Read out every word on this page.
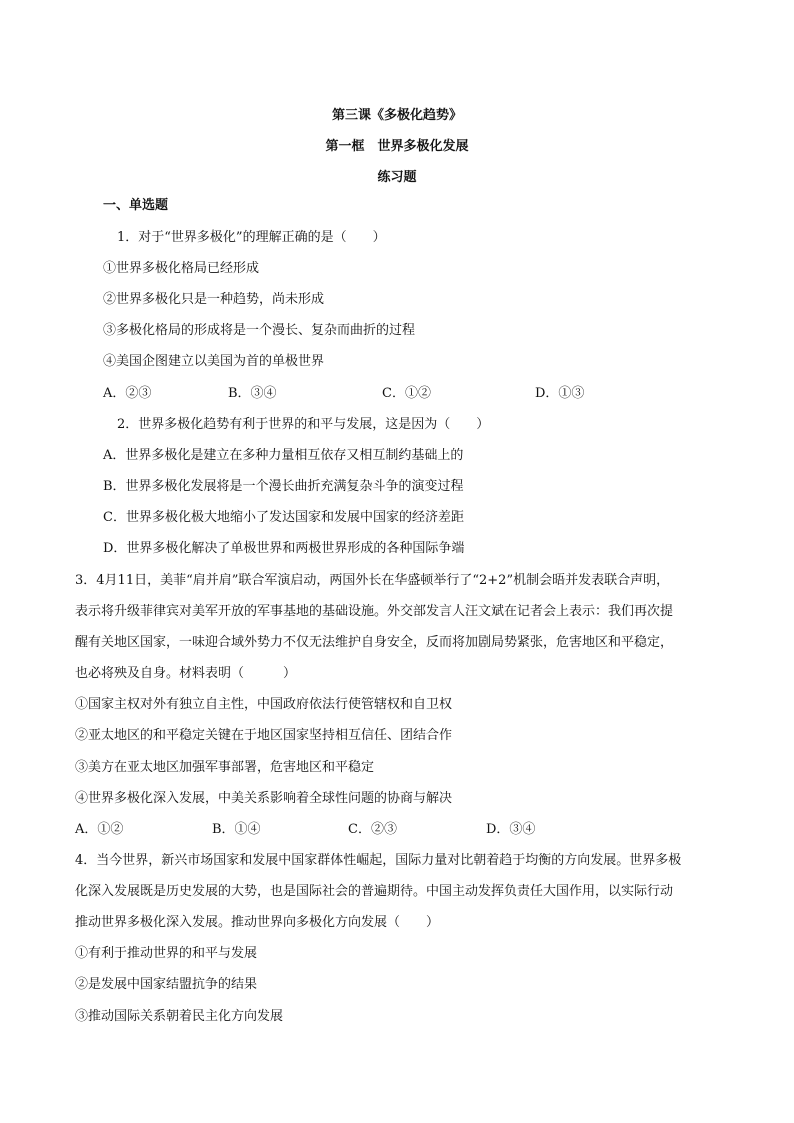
第三课《多极化趋势》
第一框　世界多极化发展
练习题
一、单选题
1．对于“世界多极化”的理解正确的是（　　）
①世界多极化格局已经形成
②世界多极化只是一种趋势，尚未形成
③多极化格局的形成将是一个漫长、复杂而曲折的过程
④美国企图建立以美国为首的单极世界
A．②③	B．③④	C．①②	D．①③
2．世界多极化趋势有利于世界的和平与发展，这是因为（　　）
A．世界多极化是建立在多种力量相互依存又相互制约基础上的
B．世界多极化发展将是一个漫长曲折充满复杂斗争的演变过程
C．世界多极化极大地缩小了发达国家和发展中国家的经济差距
D．世界多极化解决了单极世界和两极世界形成的各种国际争端
3．4月11日，美菲“肩并肩”联合军演启动，两国外长在华盛顿举行了“2+2”机制会晤并发表联合声明，
表示将升级菲律宾对美军开放的军事基地的基础设施。外交部发言人汪文斌在记者会上表示：我们再次提
醒有关地区国家，一味迎合域外势力不仅无法维护自身安全，反而将加剧局势紧张，危害地区和平稳定，
也必将殃及自身。材料表明（　　　）
①国家主权对外有独立自主性，中国政府依法行使管辖权和自卫权
②亚太地区的和平稳定关键在于地区国家坚持相互信任、团结合作
③美方在亚太地区加强军事部署，危害地区和平稳定
④世界多极化深入发展，中美关系影响着全球性问题的协商与解决
A．①②	B．①④	C．②③	D．③④
4．当今世界，新兴市场国家和发展中国家群体性崛起，国际力量对比朝着趋于均衡的方向发展。世界多极
化深入发展既是历史发展的大势，也是国际社会的普遍期待。中国主动发挥负责任大国作用，以实际行动
推动世界多极化深入发展。推动世界向多极化方向发展（　　）
①有利于推动世界的和平与发展
②是发展中国家结盟抗争的结果
③推动国际关系朝着民主化方向发展
